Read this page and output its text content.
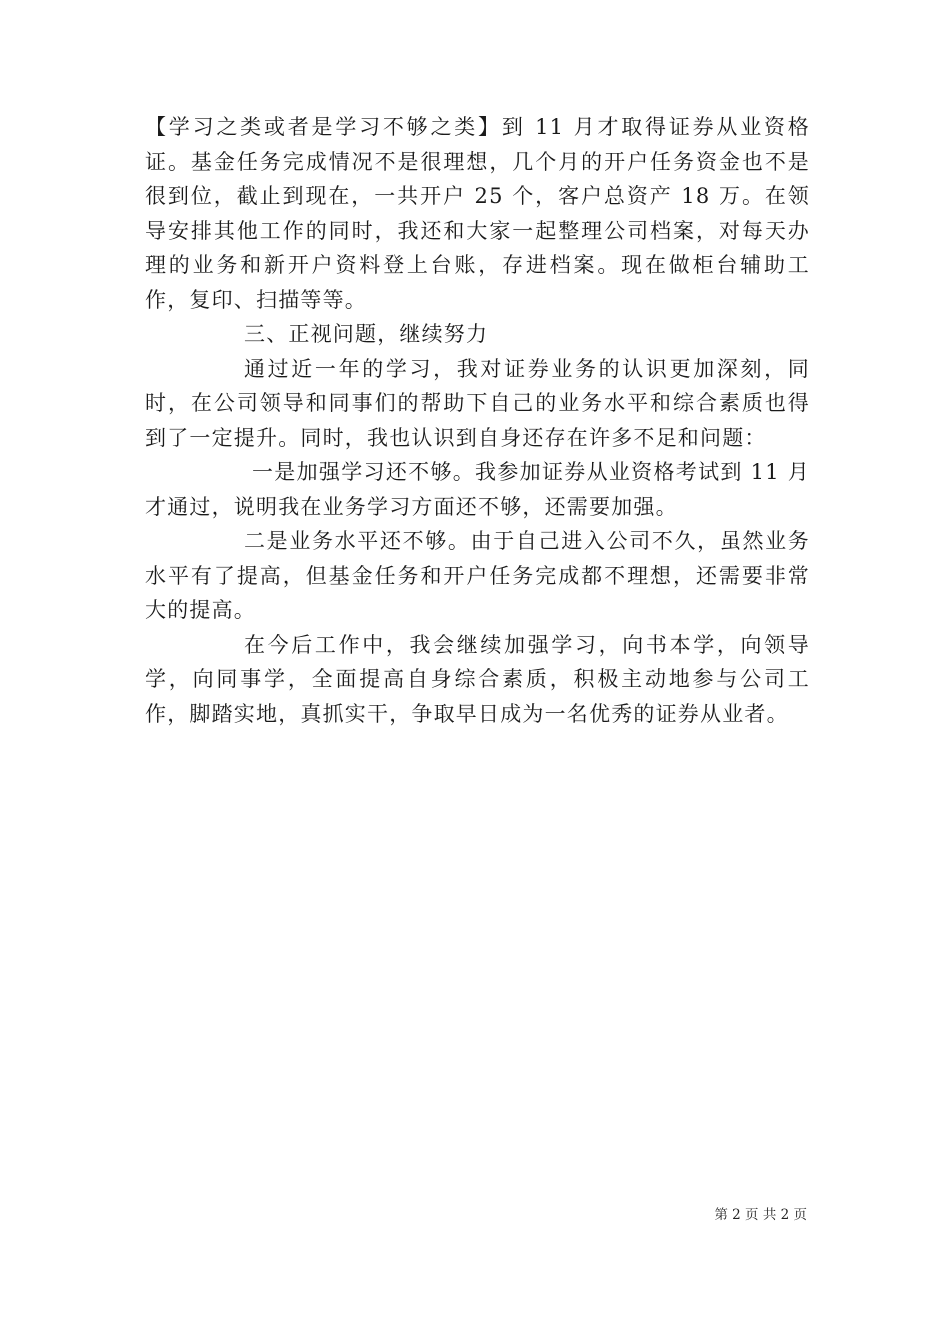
【学习之类或者是学习不够之类】到 11 月才取得证券从业资格证。基金任务完成情况不是很理想，几个月的开户任务资金也不是很到位，截止到现在，一共开户 25 个，客户总资产 18 万。在领导安排其他工作的同时，我还和大家一起整理公司档案，对每天办理的业务和新开户资料登上台账，存进档案。现在做柜台辅助工作，复印、扫描等等。

三、正视问题，继续努力

通过近一年的学习，我对证券业务的认识更加深刻，同时，在公司领导和同事们的帮助下自己的业务水平和综合素质也得到了一定提升。同时，我也认识到自身还存在许多不足和问题：

一是加强学习还不够。我参加证券从业资格考试到 11 月才通过，说明我在业务学习方面还不够，还需要加强。

二是业务水平还不够。由于自己进入公司不久，虽然业务水平有了提高，但基金任务和开户任务完成都不理想，还需要非常大的提高。

在今后工作中，我会继续加强学习，向书本学，向领导学，向同事学，全面提高自身综合素质，积极主动地参与公司工作，脚踏实地，真抓实干，争取早日成为一名优秀的证券从业者。

第 2 页 共 2 页
